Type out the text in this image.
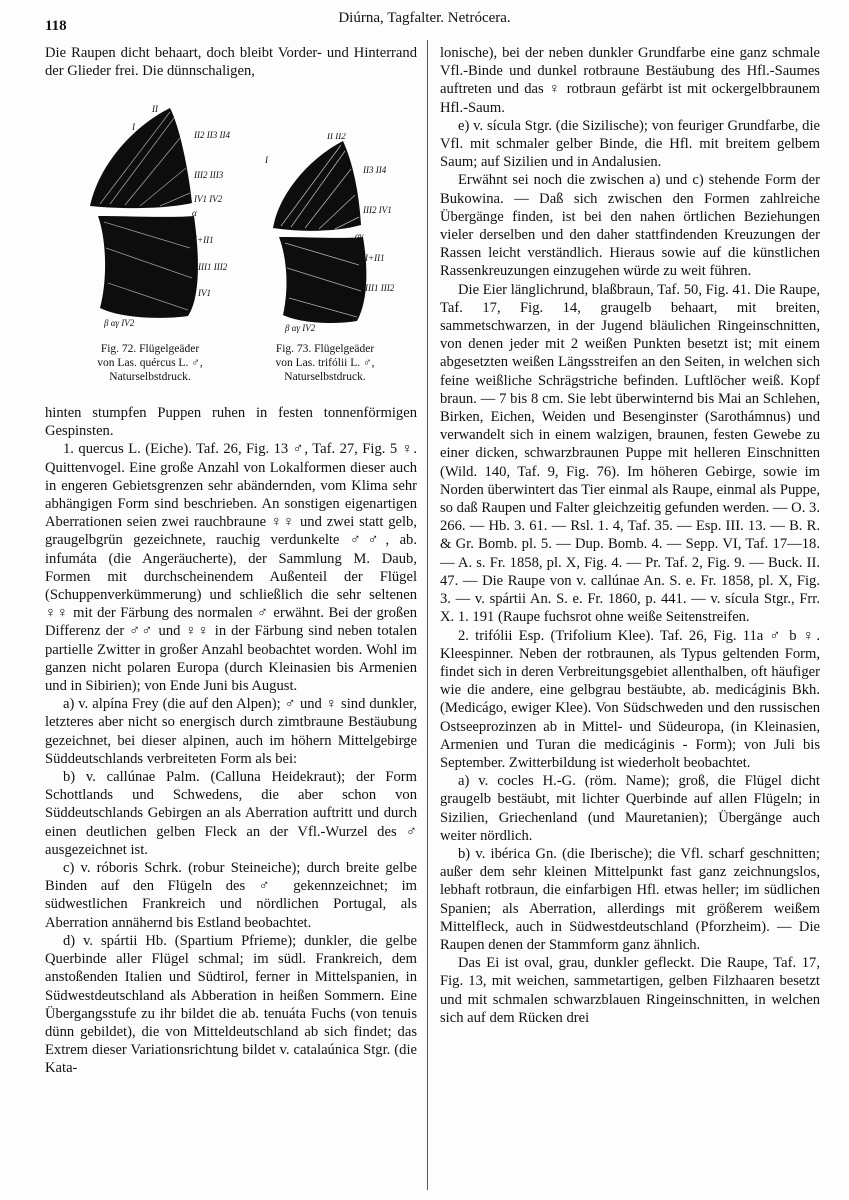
118	Diúrna, Tagfalter. Netrócera.

Die Raupen dicht behaart, doch bleibt Vorder- und Hinterrand der Glieder frei. Die dünnschaligen,

II
I
II2 II3 II4
III2 III3
IV1 IV2
α
I+II1
III1 III2
IV1
β αγ IV2
II II2
I
II3 II4
III2 IV1
αγ
I+II1
III1 III2
β αγ IV2
Fig. 72. Flügelgeäder
von Las. quércus L. ♂,
Naturselbstdruck.
Fig. 73. Flügelgeäder
von Las. trifólii L. ♂,
Naturselbstdruck.

hinten stumpfen Puppen ruhen in festen tonnenförmigen Gespinsten.

1. quercus L. (Eiche). Taf. 26, Fig. 13 ♂, Taf. 27, Fig. 5 ♀. Quittenvogel. Eine große Anzahl von Lokalformen dieser auch in engeren Gebietsgrenzen sehr abändernden, vom Klima sehr abhängigen Form sind beschrieben. An sonstigen eigenartigen Aberrationen seien zwei rauchbraune ♀♀ und zwei statt gelb, graugelbgrün gezeichnete, rauchig verdunkelte ♂♂, ab. infumáta (die Angeräucherte), der Sammlung M. Daub, Formen mit durchscheinendem Außenteil der Flügel (Schuppenverkümmerung) und schließlich die sehr seltenen ♀♀ mit der Färbung des normalen ♂ erwähnt. Bei der großen Differenz der ♂♂ und ♀♀ in der Färbung sind neben totalen partielle Zwitter in großer Anzahl beobachtet worden. Wohl im ganzen nicht polaren Europa (durch Kleinasien bis Armenien und in Sibirien); von Ende Juni bis August.

a) v. alpína Frey (die auf den Alpen); ♂ und ♀ sind dunkler, letzteres aber nicht so energisch durch zimtbraune Bestäubung gezeichnet, bei dieser alpinen, auch im höhern Mittelgebirge Süddeutschlands verbreiteten Form als bei:

b) v. callúnae Palm. (Calluna Heidekraut); der Form Schottlands und Schwedens, die aber schon von Süddeutschlands Gebirgen an als Aberration auftritt und durch einen deutlichen gelben Fleck an der Vfl.-Wurzel des ♂ ausgezeichnet ist.

c) v. róboris Schrk. (robur Steineiche); durch breite gelbe Binden auf den Flügeln des ♂ gekennzeichnet; im südwestlichen Frankreich und nördlichen Portugal, als Aberration annähernd bis Estland beobachtet.

d) v. spártii Hb. (Spartium Pfrieme); dunkler, die gelbe Querbinde aller Flügel schmal; im südl. Frankreich, dem anstoßenden Italien und Südtirol, ferner in Mittelspanien, in Südwestdeutschland als Abberation in heißen Sommern. Eine Übergangsstufe zu ihr bildet die ab. tenuáta Fuchs (von tenuis dünn gebildet), die von Mitteldeutschland ab sich findet; das Extrem dieser Variationsrichtung bildet v. catalaúnica Stgr. (die Kata-

lonische), bei der neben dunkler Grundfarbe eine ganz schmale Vfl.-Binde und dunkel rotbraune Bestäubung des Hfl.-Saumes auftreten und das ♀ rotbraun gefärbt ist mit ockergelbbraunem Hfl.-Saum.

e) v. sícula Stgr. (die Sizilische); von feuriger Grundfarbe, die Vfl. mit schmaler gelber Binde, die Hfl. mit breitem gelbem Saum; auf Sizilien und in Andalusien.

Erwähnt sei noch die zwischen a) und c) stehende Form der Bukowina. — Daß sich zwischen den Formen zahlreiche Übergänge finden, ist bei den nahen örtlichen Beziehungen vieler derselben und den daher stattfindenden Kreuzungen der Rassen leicht verständlich. Hieraus sowie auf die künstlichen Rassenkreuzungen einzugehen würde zu weit führen.

Die Eier länglichrund, blaßbraun, Taf. 50, Fig. 41. Die Raupe, Taf. 17, Fig. 14, graugelb behaart, mit breiten, sammetschwarzen, in der Jugend bläulichen Ringeinschnitten, von denen jeder mit 2 weißen Punkten besetzt ist; mit einem abgesetzten weißen Längsstreifen an den Seiten, in welchen sich feine weißliche Schrägstriche befinden. Luftlöcher weiß. Kopf braun. — 7 bis 8 cm. Sie lebt überwinternd bis Mai an Schlehen, Birken, Eichen, Weiden und Besenginster (Sarothámnus) und verwandelt sich in einem walzigen, braunen, festen Gewebe zu einer dicken, schwarzbraunen Puppe mit helleren Einschnitten (Wild. 140, Taf. 9, Fig. 76). Im höheren Gebirge, sowie im Norden überwintert das Tier einmal als Raupe, einmal als Puppe, so daß Raupen und Falter gleichzeitig gefunden werden. — O. 3. 266. — Hb. 3. 61. — Rsl. 1. 4, Taf. 35. — Esp. III. 13. — B. R. & Gr. Bomb. pl. 5. — Dup. Bomb. 4. — Sepp. VI, Taf. 17—18. — A. s. Fr. 1858, pl. X, Fig. 4. — Pr. Taf. 2, Fig. 9. — Buck. II. 47. — Die Raupe von v. callúnae An. S. e. Fr. 1858, pl. X, Fig. 3. — v. spártii An. S. e. Fr. 1860, p. 441. — v. sícula Stgr., Frr. X. 1. 191 (Raupe fuchsrot ohne weiße Seitenstreifen.

2. trifólii Esp. (Trifolium Klee). Taf. 26, Fig. 11a ♂ b ♀. Kleespinner. Neben der rotbraunen, als Typus geltenden Form, findet sich in deren Verbreitungsgebiet allenthalben, oft häufiger wie die andere, eine gelbgrau bestäubte, ab. medicáginis Bkh. (Medicágo, ewiger Klee). Von Südschweden und den russischen Ostseeprozinzen ab in Mittel- und Südeuropa, (in Kleinasien, Armenien und Turan die medicáginis - Form); von Juli bis September. Zwitterbildung ist wiederholt beobachtet.

a) v. cocles H.-G. (röm. Name); groß, die Flügel dicht graugelb bestäubt, mit lichter Querbinde auf allen Flügeln; in Sizilien, Griechenland (und Mauretanien); Übergänge auch weiter nördlich.

b) v. ibérica Gn. (die Iberische); die Vfl. scharf geschnitten; außer dem sehr kleinen Mittelpunkt fast ganz zeichnungslos, lebhaft rotbraun, die einfarbigen Hfl. etwas heller; im südlichen Spanien; als Aberration, allerdings mit größerem weißem Mittelfleck, auch in Südwestdeutschland (Pforzheim). — Die Raupen denen der Stammform ganz ähnlich.

Das Ei ist oval, grau, dunkler gefleckt. Die Raupe, Taf. 17, Fig. 13, mit weichen, sammetartigen, gelben Filzhaaren besetzt und mit schmalen schwarzblauen Ringeinschnitten, in welchen sich auf dem Rücken drei
